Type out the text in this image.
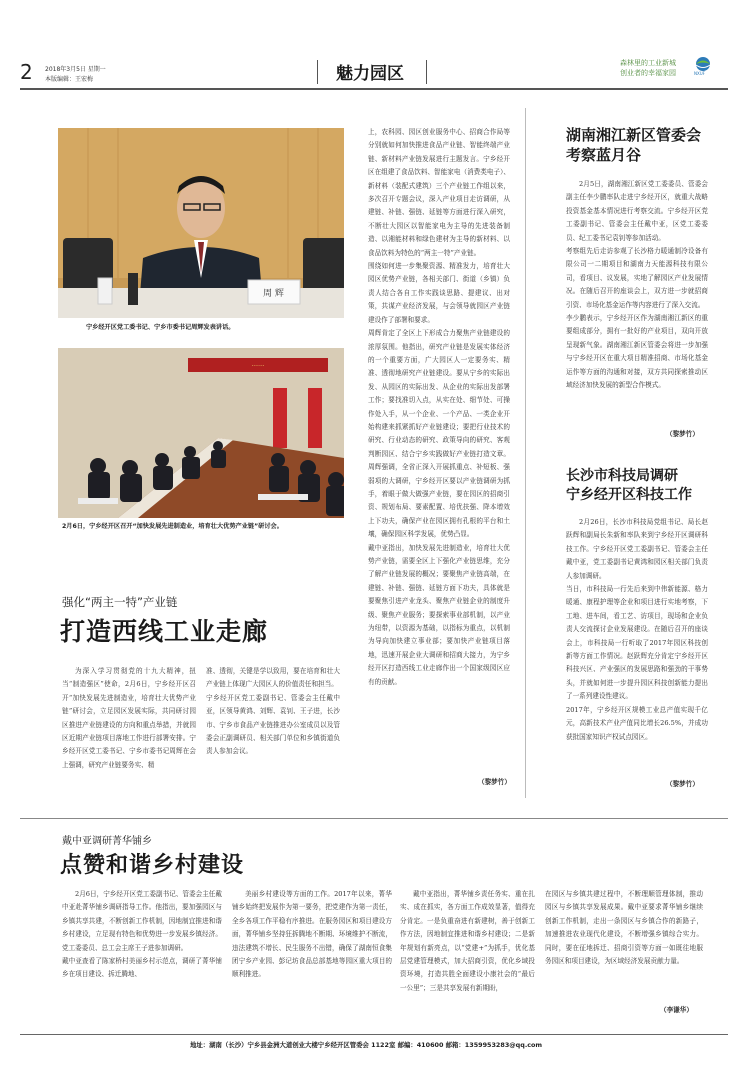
2 2018年3月5日 星期一
本版编辑：王宏梅	魅力园区
森林里的工业新城
创业者的幸福家园	NXUF
周 辉
宁乡经开区党工委书记、宁乡市委书记周辉发表讲话。
·······
2月6日，宁乡经开区召开“加快发展先进制造业，培育壮大优势产业链”研讨会。
强化“两主一特”产业链
打造西线工业走廊
为深入学习贯彻党的十九大精神，扭当“制造强区”使命，2月6日，宁乡经开区召开“加快发展先进制造业，培育壮大优势产业链”研讨会，立足园区发展实际，共同研讨园区推进产业链建设的方向和重点举措，并就园区近期产业链项目落地工作进行部署安排。宁乡经开区党工委书记、宁乡市委书记周辉在会上强调，研究产业链要务实、精
准、透彻，关键是学以致用，要在培育和壮大产业链上体现广大园区人的价值责任和担当。
宁乡经开区党工委副书记、管委会主任戴中亚，区领导黄鸿、刘辉、袁钊、王子进，长沙市、宁乡市食品产业链推进办公室成员以及管委会正副调研员、相关部门单位和乡镇街道负责人参加会议。
上，农科园、园区创业服务中心、招商合作局等分别就如何加快推进食品产业链、智能终端产业链、新材料产业链发展进行主题发言。宁乡经开区在组建了食品饮料、智能家电（消费类电子）、新材料（装配式建筑）三个产业链工作组以来，多次召开专题会议，深入产业项目走访调研，从建链、补链、强链、延链等方面进行深入研究，不断壮大园区以智能家电为主导的先进装备制造、以湘能材料和绿色建材为主导的新材料、以食品饮料为特色的“两主一特”产业链。
围绕如何进一步集聚资源、精准发力，培育壮大园区优势产业链，各相关部门、街道（乡镇）负责人结合各自工作实践谈思路、提建议、出对策，共谋产业经济发展，与会领导就园区产业链建设作了部署和要求。
周辉肯定了全区上下形成合力聚焦产业链建设的浓厚氛围。他指出，研究产业链是发展实体经济的一个重要方面，广大园区人一定要务实、精准、透彻地研究产业链建设。要从宁乡的实际出发、从园区的实际出发、从企业的实际出发部署工作；要找准切入点，从实在处、细节处、可操作处入手，从一个企业、一个产品、一类企业开始构建来抓紧抓好产业链建设；要把行业技术的研究、行业动态的研究、政策导向的研究、客观判断园区、结合宁乡实践做好产业链打造文章。周辉强调，全省正深入开展抓重点、补短板、强弱项的大调研，宁乡经开区要以产业链调研为抓手，着眼于做大做强产业链，要在园区的招商引资、规划布局、要素配置、培优扶强、降本增效上下功夫，确保产业在园区拥有孔根的平台和土壤，确保园区科学发展，优势凸显。
戴中亚指出，加快发展先进制造业，培育壮大优势产业链，需要全区上下强化产业链思维，充分了解产业链发展的概况；要聚焦产业链高端，在建链、补链、强链、延链方面下功夫，具体就是要聚焦引进产业龙头、聚焦产业链企业的制度升级、聚焦产业服务；要探索事业部机制，以产业为纽带，以资源为基础，以指标为重点，以机制为导向加快建立事业部；要加快产业链项目落地，迅速开展企业大调研和招商大接力，为宁乡经开区打造西线工业走廊作出一个国家级园区应有的贡献。
（黎梦竹）
湖南湘江新区管委会
考察蓝月谷
2月5日，湖南湘江新区党工委委员、管委会副主任李少鹏率队走进宁乡经开区，就重大战略投资基金基本情况进行考察交流。宁乡经开区党工委副书记、管委会主任戴中亚，区党工委委员、纪工委书记袁钊等参加活动。
考察组先后走访参观了长沙格力暖通制冷设备有限公司一二期项目和湖南力天能源科技有限公司，看项目、议发展，实地了解园区产业发展情况。在随后召开的座谈会上，双方进一步就招商引资、市场化基金运作等内容进行了深入交流。
李少鹏表示，宁乡经开区作为湖南湘江新区的重要组成部分，拥有一批好的产业项目，双向开放呈现新气象。湖南湘江新区管委会将进一步加强与宁乡经开区在重大项目精准招商、市场化基金运作等方面的沟通和对接，双方共同探索推动区域经济加快发展的新型合作模式。
（黎梦竹）
长沙市科技局调研
宁乡经开区科技工作
2月26日，长沙市科技局党组书记、局长赵跃辉和副局长朱新和率队来到宁乡经开区调研科技工作。宁乡经开区党工委副书记、管委会主任戴中亚，党工委副书记黄鸿和园区相关部门负责人参加调研。
当日，市科技局一行先后来到中伟新能源、格力暖通、康程护理等企业和项目进行实地考察，下工地、进车间，看工艺、访项目，现场和企业负责人交流探讨企业发展建设。在随后召开的座谈会上，市科技局一行听取了2017年园区科技创新等方面工作情况。赵跃辉充分肯定宁乡经开区科技兴区、产业强区的发展思路和强劲的干事势头，并就如何进一步提升园区科技创新能力提出了一系列建设性建议。
2017年，宁乡经开区规模工业总产值实现千亿元，高新技术产业产值同比增长26.5%，并成功获批国家知识产权试点园区。
（黎梦竹）
戴中亚调研菁华铺乡
点赞和谐乡村建设
2月6日，宁乡经开区党工委副书记、管委会主任戴中亚赴菁华铺乡调研指导工作。他指出，要加强园区与乡镇共享共建，不断创新工作机制，因地制宜推进和谐乡村建设，立足现有特色和优势进一步发展乡镇经济。党工委委员、总工会主席王子进参加调研。
戴中亚查看了陈家桥村美丽乡村示范点，调研了菁华铺乡在项目建设、拆迁腾地、
美丽乡村建设等方面的工作。2017年以来，菁华铺乡始终把发展作为第一要务，把党建作为第一责任，全乡各项工作平稳有序推进。在服务园区和项目建设方面，菁华铺乡坚持狂拆腾地不断期、环境维护不断流，违法建筑不增长、民生服务不出错，确保了湖南恒食集团宁乡产业园、彭记坊食品总部基地等园区重大项目的顺利推进。
戴中亚指出，菁华铺乡责任务实、重在扎实、成在抓实，各方面工作成效显著，值得充分肯定。一是负重奋进有新建树，善于创新工作方法，因地制宜推进和谐乡村建设；二是新年规划有新亮点，以“党建+”为抓手，优化基层党建管理模式，加大招商引资，优化乡域投资环境，打造共胜全面建设小康社会的“最后一公里”；三是共享发展有新期盼，
在园区与乡镇共建过程中，不断理顺管理体制，推动园区与乡镇共享发展成果。戴中亚要求菁华铺乡继续创新工作机制，走出一条园区与乡镇合作的新路子，加速推进农业现代化建设，不断增强乡镇综合实力。同时，要在征地拆迁、招商引资等方面一如既往地服务园区和项目建设，为区域经济发展贡献力量。
（李谦华）
地址：湖南（长沙）宁乡县金洲大道创业大楼宁乡经开区管委会 1122室 邮编：410600 邮箱：1359953283@qq.com
